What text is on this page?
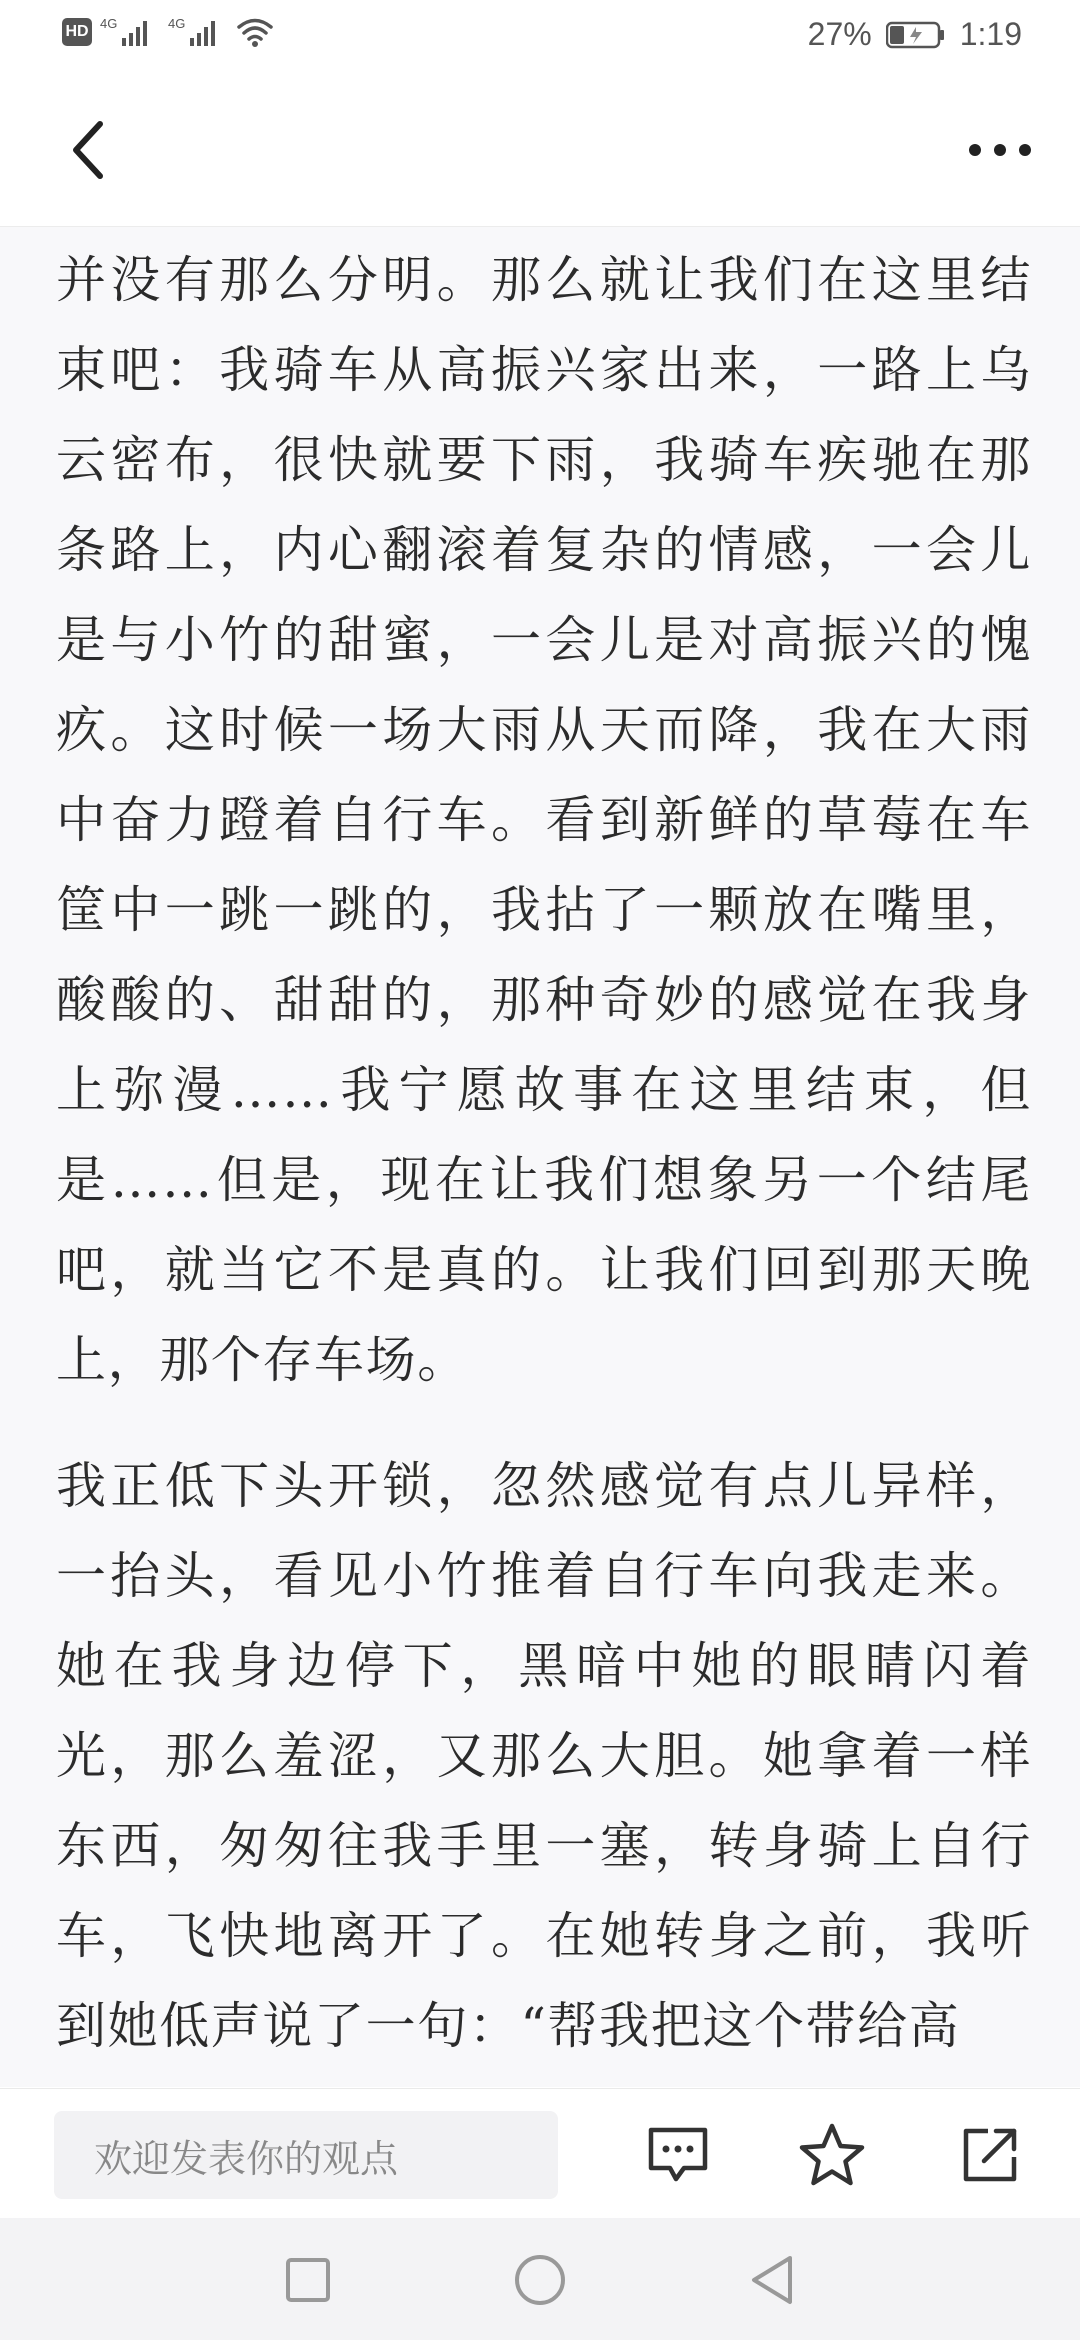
HD 4G	4G	27%	1:19

并没有那么分明。那么就让我们在这里结束吧：我骑车从高振兴家出来，一路上乌云密布，很快就要下雨，我骑车疾驰在那条路上，内心翻滚着复杂的情感，一会儿是与小竹的甜蜜，一会儿是对高振兴的愧疚。这时候一场大雨从天而降，我在大雨中奋力蹬着自行车。看到新鲜的草莓在车筐中一跳一跳的，我拈了一颗放在嘴里，酸酸的、甜甜的，那种奇妙的感觉在我身上弥漫……我宁愿故事在这里结束，但是……但是，现在让我们想象另一个结尾吧，就当它不是真的。让我们回到那天晚上，那个存车场。

我正低下头开锁，忽然感觉有点儿异样，一抬头，看见小竹推着自行车向我走来。她在我身边停下，黑暗中她的眼睛闪着光，那么羞涩，又那么大胆。她拿着一样东西，匆匆往我手里一塞，转身骑上自行车，飞快地离开了。在她转身之前，我听到她低声说了一句：“帮我把这个带给高

欢迎发表你的观点
